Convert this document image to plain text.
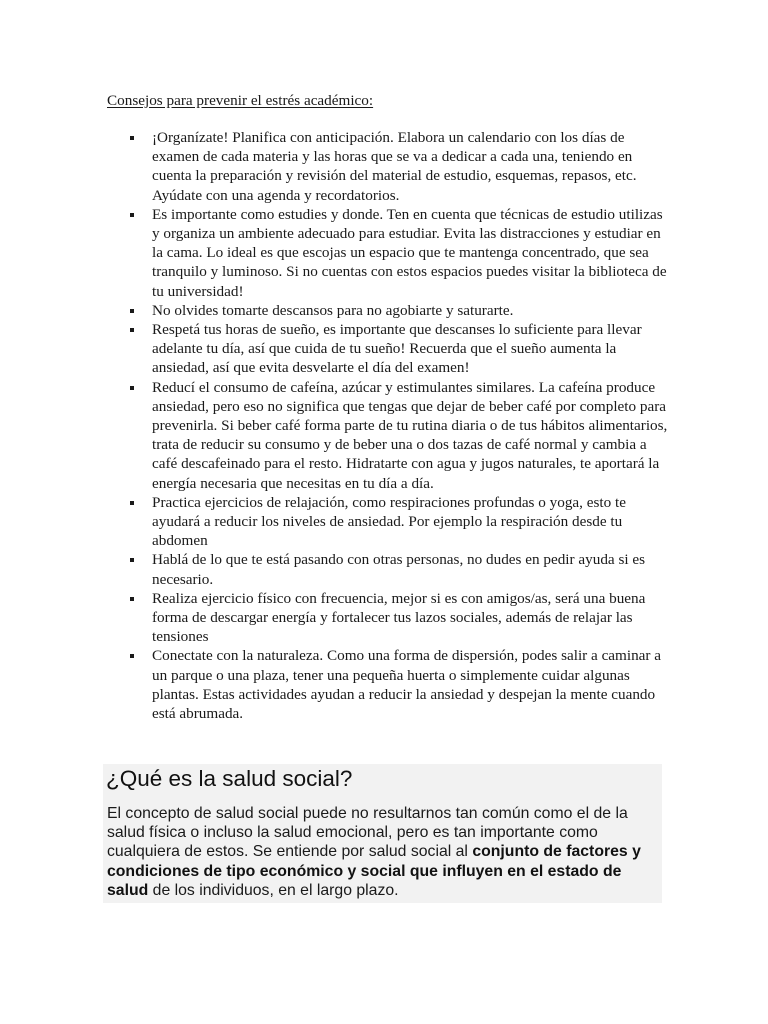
Consejos para prevenir el estrés académico:
¡Organízate! Planifica con anticipación. Elabora un calendario con los días de examen de cada materia y las horas que se va a dedicar a cada una, teniendo en cuenta la preparación y revisión del material de estudio, esquemas, repasos, etc. Ayúdate con una agenda y recordatorios.
Es importante como estudies y donde. Ten en cuenta que técnicas de estudio utilizas y organiza un ambiente adecuado para estudiar. Evita las distracciones y estudiar en la cama. Lo ideal es que escojas un espacio que te mantenga concentrado, que sea tranquilo y luminoso. Si no cuentas con estos espacios puedes visitar la biblioteca de tu universidad!
No olvides tomarte descansos para no agobiarte y saturarte.
Respetá tus horas de sueño, es importante que descanses lo suficiente para llevar adelante tu día, así que cuida de tu sueño! Recuerda que el sueño aumenta la ansiedad, así que evita desvelarte el día del examen!
Reducí el consumo de cafeína, azúcar y estimulantes similares. La cafeína produce ansiedad, pero eso no significa que tengas que dejar de beber café por completo para prevenirla. Si beber café forma parte de tu rutina diaria o de tus hábitos alimentarios, trata de reducir su consumo y de beber una o dos tazas de café normal y cambia a café descafeinado para el resto. Hidratarte con agua y jugos naturales, te aportará la energía necesaria que necesitas en tu día a día.
Practica ejercicios de relajación, como respiraciones profundas o yoga, esto te ayudará a reducir los niveles de ansiedad. Por ejemplo la respiración desde tu abdomen
Hablá de lo que te está pasando con otras personas, no dudes en pedir ayuda si es necesario.
Realiza ejercicio físico con frecuencia, mejor si es con amigos/as, será una buena forma de descargar energía y fortalecer tus lazos sociales, además de relajar las tensiones
Conectate con la naturaleza. Como una forma de dispersión, podes salir a caminar a un parque o una plaza, tener una pequeña huerta o simplemente cuidar algunas plantas. Estas actividades ayudan a reducir la ansiedad y despejan la mente cuando está abrumada.
¿Qué es la salud social?

El concepto de salud social puede no resultarnos tan común como el de la salud física o incluso la salud emocional, pero es tan importante como cualquiera de estos. Se entiende por salud social al conjunto de factores y condiciones de tipo económico y social que influyen en el estado de salud de los individuos, en el largo plazo.
